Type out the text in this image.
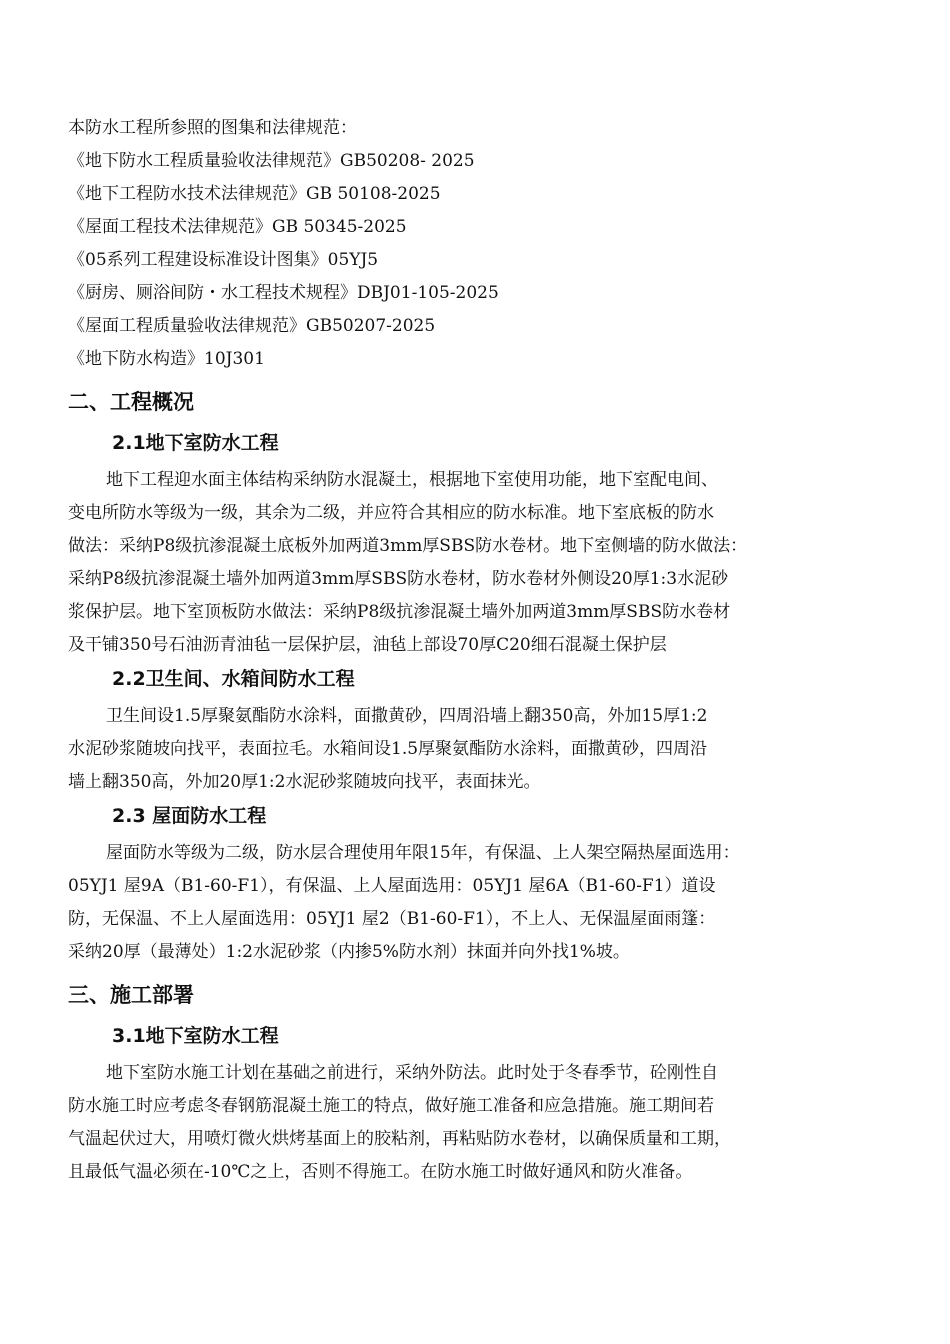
本防水工程所参照的图集和法律规范：
《地下防水工程质量验收法律规范》GB50208- 2025
《地下工程防水技术法律规范》GB 50108-2025
《屋面工程技术法律规范》GB 50345-2025
《05系列工程建设标准设计图集》05YJ5
《厨房、厕浴间防・水工程技术规程》DBJ01-105-2025
《屋面工程质量验收法律规范》GB50207-2025
《地下防水构造》10J301
二、工程概况
2.1地下室防水工程
地下工程迎水面主体结构采纳防水混凝土，根据地下室使用功能，地下室配电间、
变电所防水等级为一级，其余为二级，并应符合其相应的防水标准。地下室底板的防水
做法：采纳P8级抗渗混凝土底板外加两道3mm厚SBS防水卷材。地下室侧墙的防水做法：
采纳P8级抗渗混凝土墙外加两道3mm厚SBS防水卷材，防水卷材外侧设20厚1:3水泥砂
浆保护层。地下室顶板防水做法：采纳P8级抗渗混凝土墙外加两道3mm厚SBS防水卷材
及干铺350号石油沥青油毡一层保护层，油毡上部设70厚C20细石混凝土保护层
2.2卫生间、水箱间防水工程
卫生间设1.5厚聚氨酯防水涂料，面撒黄砂，四周沿墙上翻350高，外加15厚1:2
水泥砂浆随坡向找平，表面拉毛。水箱间设1.5厚聚氨酯防水涂料，面撒黄砂，四周沿
墙上翻350高，外加20厚1:2水泥砂浆随坡向找平，表面抹光。
2.3 屋面防水工程
屋面防水等级为二级，防水层合理使用年限15年，有保温、上人架空隔热屋面选用：
05YJ1 屋9A（B1-60-F1），有保温、上人屋面选用：05YJ1 屋6A（B1-60-F1）道设
防，无保温、不上人屋面选用：05YJ1 屋2（B1-60-F1），不上人、无保温屋面雨篷：
采纳20厚（最薄处）1:2水泥砂浆（内掺5%防水剂）抹面并向外找1%坡。
三、施工部署
3.1地下室防水工程
地下室防水施工计划在基础之前进行，采纳外防法。此时处于冬春季节，砼刚性自
防水施工时应考虑冬春钢筋混凝土施工的特点，做好施工准备和应急措施。施工期间若
气温起伏过大，用喷灯微火烘烤基面上的胶粘剂，再粘贴防水卷材，以确保质量和工期，
且最低气温必须在-10℃之上，否则不得施工。在防水施工时做好通风和防火准备。
